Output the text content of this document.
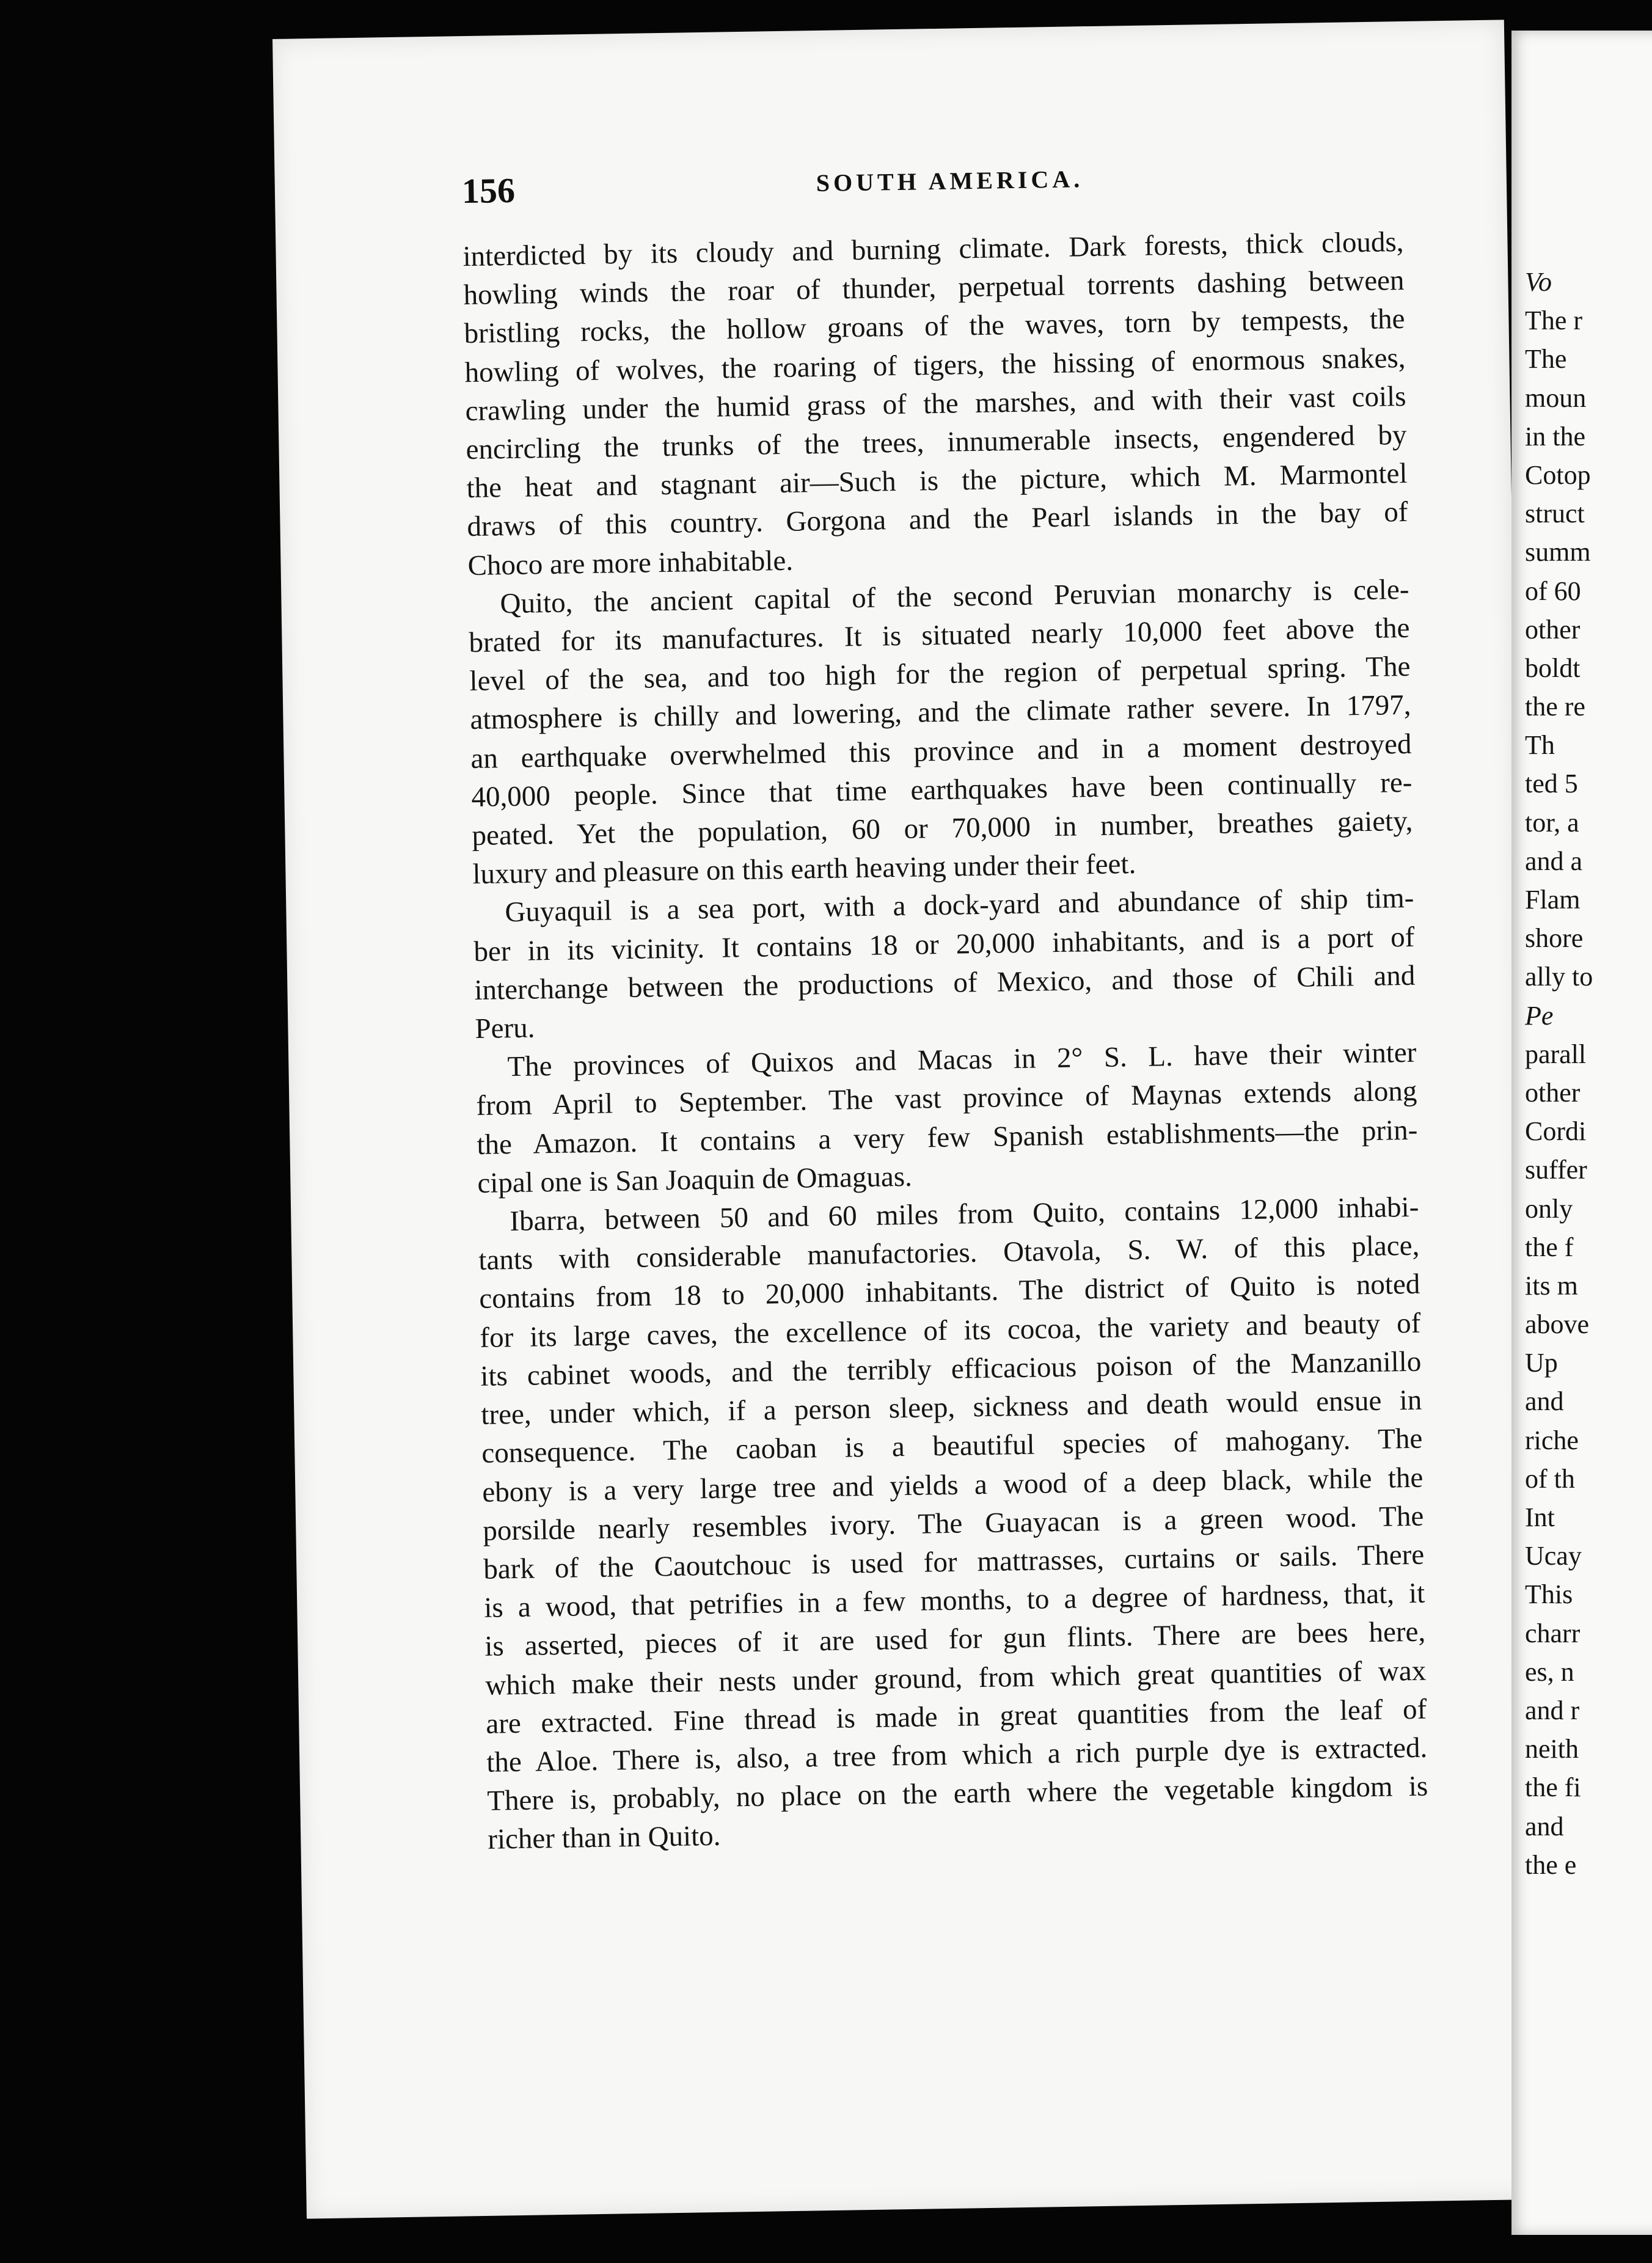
156	SOUTH AMERICA.
interdicted by its cloudy and burning climate. Dark forests, thick clouds,
howling winds the roar of thunder, perpetual torrents dashing between
bristling rocks, the hollow groans of the waves, torn by tempests, the
howling of wolves, the roaring of tigers, the hissing of enormous snakes,
crawling under the humid grass of the marshes, and with their vast coils
encircling the trunks of the trees, innumerable insects, engendered by
the heat and stagnant air—Such is the picture, which M. Marmontel
draws of this country. Gorgona and the Pearl islands in the bay of
Choco are more inhabitable.
Quito, the ancient capital of the second Peruvian monarchy is cele-
brated for its manufactures. It is situated nearly 10,000 feet above the
level of the sea, and too high for the region of perpetual spring. The
atmosphere is chilly and lowering, and the climate rather severe. In 1797,
an earthquake overwhelmed this province and in a moment destroyed
40,000 people. Since that time earthquakes have been continually re-
peated. Yet the population, 60 or 70,000 in number, breathes gaiety,
luxury and pleasure on this earth heaving under their feet.
Guyaquil is a sea port, with a dock-yard and abundance of ship tim-
ber in its vicinity. It contains 18 or 20,000 inhabitants, and is a port of
interchange between the productions of Mexico, and those of Chili and
Peru.
The provinces of Quixos and Macas in 2° S. L. have their winter
from April to September. The vast province of Maynas extends along
the Amazon. It contains a very few Spanish establishments—the prin-
cipal one is San Joaquin de Omaguas.
Ibarra, between 50 and 60 miles from Quito, contains 12,000 inhabi-
tants with considerable manufactories. Otavola, S. W. of this place,
contains from 18 to 20,000 inhabitants. The district of Quito is noted
for its large caves, the excellence of its cocoa, the variety and beauty of
its cabinet woods, and the terribly efficacious poison of the Manzanillo
tree, under which, if a person sleep, sickness and death would ensue in
consequence. The caoban is a beautiful species of mahogany. The
ebony is a very large tree and yields a wood of a deep black, while the
porsilde nearly resembles ivory. The Guayacan is a green wood. The
bark of the Caoutchouc is used for mattrasses, curtains or sails. There
is a wood, that petrifies in a few months, to a degree of hardness, that, it
is asserted, pieces of it are used for gun flints. There are bees here,
which make their nests under ground, from which great quantities of wax
are extracted. Fine thread is made in great quantities from the leaf of
the Aloe. There is, also, a tree from which a rich purple dye is extracted.
There is, probably, no place on the earth where the vegetable kingdom is
richer than in Quito.
Vo
The r
The
moun
in the
Cotop
struct
summ
of 60
other
boldt
the re
Th
ted 5
tor, a
and a
Flam
shore
ally to
Pe
parall
other
Cordi
suffer
only
the f
its m
above
Up
and
riche
of th
Int
Ucay
This
charr
es, n
and r
neith
the fi
and
the e
